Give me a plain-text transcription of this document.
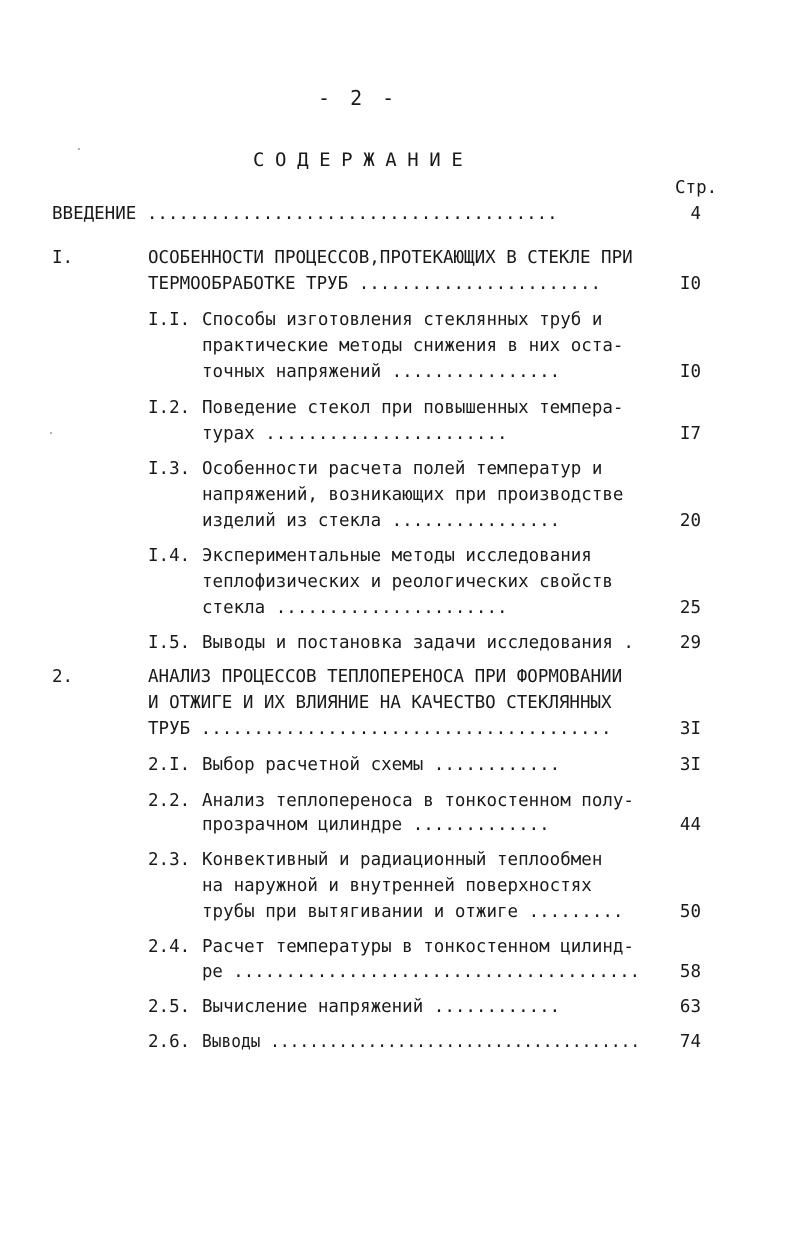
- 2 -
СОДЕРЖАНИЕ
Стр.
ВВЕДЕНИЕ .......................................	4
I.	ОСОБЕННОСТИ ПРОЦЕССОВ,ПРОТЕКАЮЩИХ В СТЕКЛЕ ПРИ
ТЕРМООБРАБОТКЕ ТРУБ .......................	I0
I.I. Способы изготовления стеклянных труб и
практические методы снижения в них оста-
точных напряжений ................	I0
I.2. Поведение стекол при повышенных темпера-
турах .......................	I7
I.3. Особенности расчета полей температур и
напряжений, возникающих при производстве
изделий из стекла ................	20
I.4. Экспериментальные методы исследования
теплофизических и реологических свойств
стекла ......................	25
I.5. Выводы и постановка задачи исследования .	29
2.	АНАЛИЗ ПРОЦЕССОВ ТЕПЛОПЕРЕНОСА ПРИ ФОРМОВАНИИ
И ОТЖИГЕ И ИХ ВЛИЯНИЕ НА КАЧЕСТВО СТЕКЛЯННЫХ
ТРУБ .......................................	3I
2.I. Выбор расчетной схемы ............	3I
2.2. Анализ теплопереноса в тонкостенном полу-
прозрачном цилиндре .............	44
2.3. Конвективный и радиационный теплообмен
на наружной и внутренней поверхностях
трубы при вытягивании и отжиге .........	50
2.4. Расчет температуры в тонкостенном цилинд-
ре .......................................	58
2.5. Вычисление напряжений ............	63
2.6. Выводы ......................................	74
